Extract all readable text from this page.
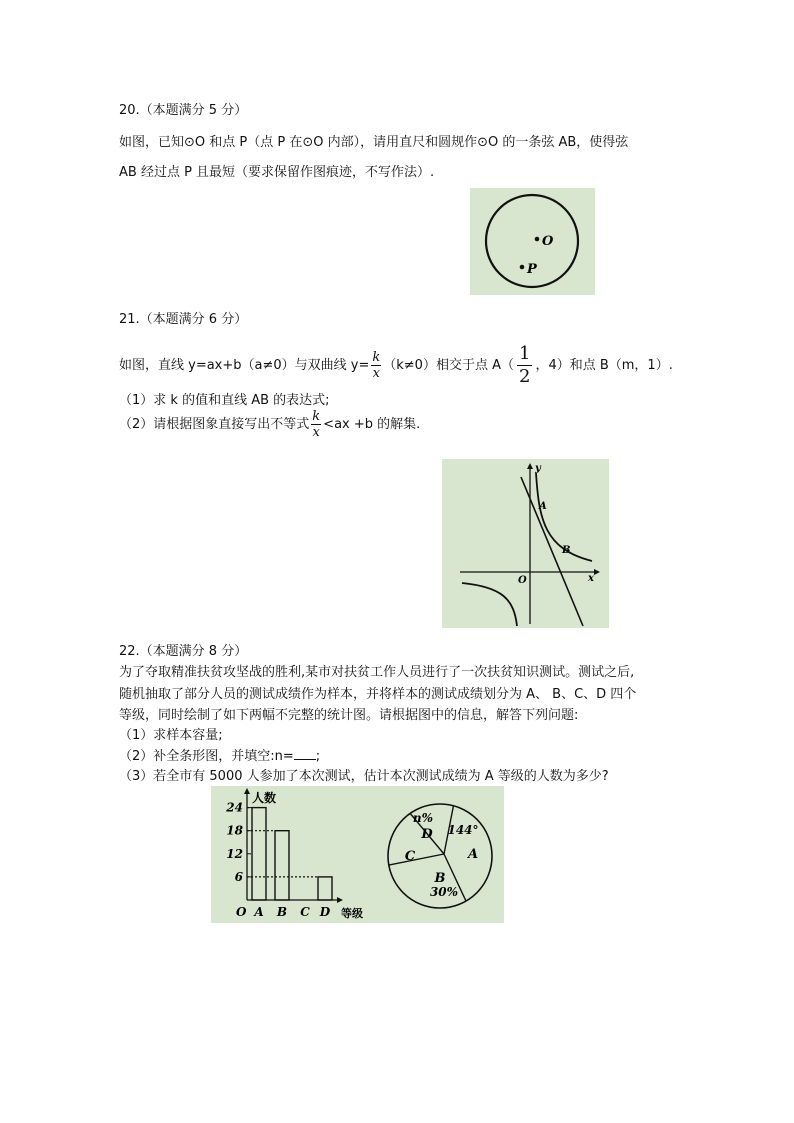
20.（本题满分 5 分）
如图，已知⊙O 和点 P（点 P 在⊙O 内部），请用直尺和圆规作⊙O 的一条弦 AB，使得弦
AB 经过点 P 且最短（要求保留作图痕迹，不写作法）.
O
P
21.（本题满分 6 分）
如图，直线 y=ax+b（a≠0）与双曲线 $y= \frac{k}{x} (k\ne 0)$相交于点 $A( \frac{1}{2}$ ，4）和点 B（m，1）.
（1）求 k 的值和直线 AB 的表达式;
（2）请根据图象直接写出不等式 $\frac{k}{x} <ax +b$ 的解集.
y
x
O
A
B
22.（本题满分 8 分）
为了夺取精准扶贫攻坚战的胜利,某市对扶贫工作人员进行了一次扶贫知识测试。测试之后,
随机抽取了部分人员的测试成绩作为样本，并将样本的测试成绩划分为 A、 B、C、D 四个
等级，同时绘制了如下两幅不完整的统计图。请根据图中的信息，解答下列问题:
（1）求样本容量;
（2）补全条形图，并填空:n= ;
（3）若全市有 5000 人参加了本次测试，估计本次测试成绩为 A 等级的人数为多少?
人数
等级
O
6
12
18
24
A B C D
A
144°
B
30%
C
D
n%
